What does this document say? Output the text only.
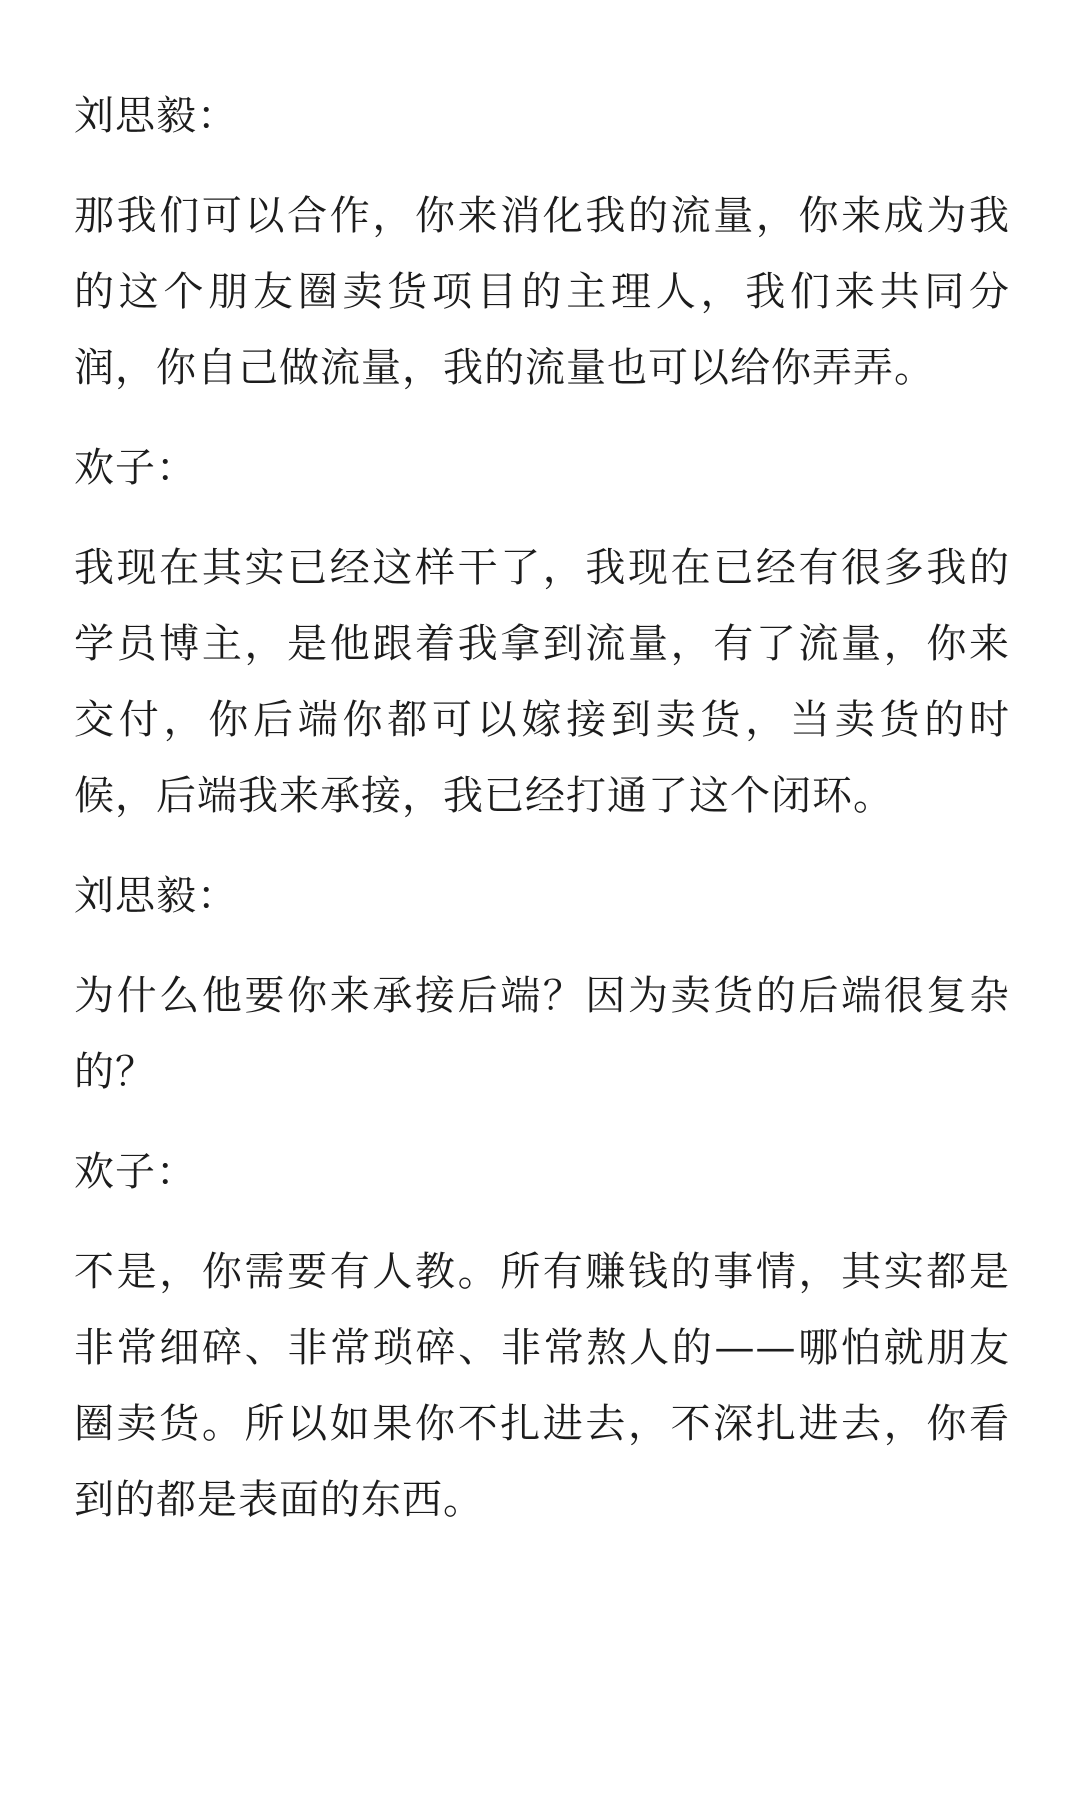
刘思毅：

那我们可以合作，你来消化我的流量，你来成为我的这个朋友圈卖货项目的主理人，我们来共同分润，你自己做流量，我的流量也可以给你弄弄。

欢子：

我现在其实已经这样干了，我现在已经有很多我的学员博主，是他跟着我拿到流量，有了流量，你来交付，你后端你都可以嫁接到卖货，当卖货的时候，后端我来承接，我已经打通了这个闭环。

刘思毅：

为什么他要你来承接后端？因为卖货的后端很复杂的？

欢子：

不是，你需要有人教。所有赚钱的事情，其实都是非常细碎、非常琐碎、非常熬人的——哪怕就朋友圈卖货。所以如果你不扎进去，不深扎进去，你看到的都是表面的东西。
